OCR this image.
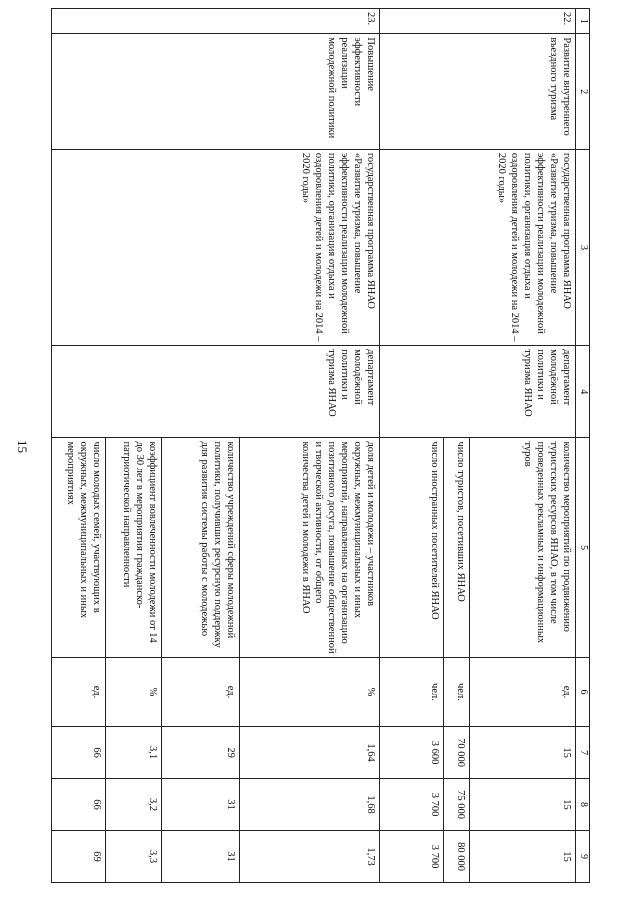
15
1	2	3	4	5	6	7	8	9
22.	Развитие внутреннего въездного туризма	государственная программа ЯНАО «Развитие туризма, повышение эффективности реализации молодежной политики, организация отдыха и оздоровления детей и молодежи на 2014 – 2020 годы»	департамент молодёжной политики и туризма ЯНАО	количество мероприятий по продвижению туристских ресурсов ЯНАО, в том числе проведенных рекламных и информационных туров	ед.	15	15	15
				число туристов, посетивших ЯНАО	чел.	70 000	75 000	80 000
				число иностранных посетителей ЯНАО	чел.	3 600	3 700	3 700
23.	Повышение эффективности реализации молодежной политики	государственная программа ЯНАО «Развитие туризма, повышение эффективности реализации молодежной политики, организация отдыха и оздоровления детей и молодежи на 2014 – 2020 годы»	департамент молодёжной политики и туризма ЯНАО	доля детей и молодежи – участников окружных, межмуниципальных и иных мероприятий, направленных на организацию позитивного досуга, повышение общественной и творческой активности, от общего количества детей и молодежи в ЯНАО	%	1,64	1,68	1,73
				количество учреждений сферы молодежной политики, получивших ресурсную поддержку для развития системы работы с молодежью	ед.	29	31	31
				коэффициент вовлеченности молодежи от 14 до 30 лет в мероприятия гражданско-патриотической направленности	%	3,1	3,2	3,3
				число молодых семей, участвующих в окружных, межмуниципальных и иных мероприятиях	ед.	66	66	69
